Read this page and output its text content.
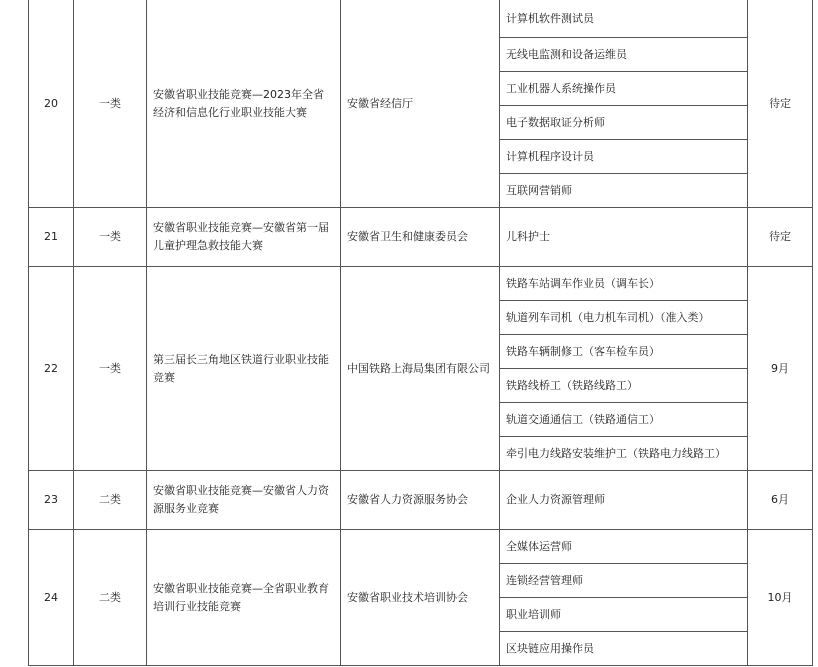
20	一类	安徽省职业技能竞赛—2023年全省经济和信息化行业职业技能大赛	安徽省经信厅	计算机软件测试员	待定
				无线电监测和设备运维员	
				工业机器人系统操作员	
				电子数据取证分析师	
				计算机程序设计员	
				互联网营销师	
21	一类	安徽省职业技能竞赛—安徽省第一届儿童护理急救技能大赛	安徽省卫生和健康委员会	儿科护士	待定
22	一类	第三届长三角地区铁道行业职业技能竞赛	中国铁路上海局集团有限公司	铁路车站调车作业员（调车长）	9月
				轨道列车司机（电力机车司机）（准入类）	
				铁路车辆制修工（客车检车员）	
				铁路线桥工（铁路线路工）	
				轨道交通通信工（铁路通信工）	
				牵引电力线路安装维护工（铁路电力线路工）	
23	二类	安徽省职业技能竞赛—安徽省人力资源服务业竞赛	安徽省人力资源服务协会	企业人力资源管理师	6月
24	二类	安徽省职业技能竞赛—全省职业教育培训行业技能竞赛	安徽省职业技术培训协会	全媒体运营师	10月
				连锁经营管理师	
				职业培训师	
				区块链应用操作员	
